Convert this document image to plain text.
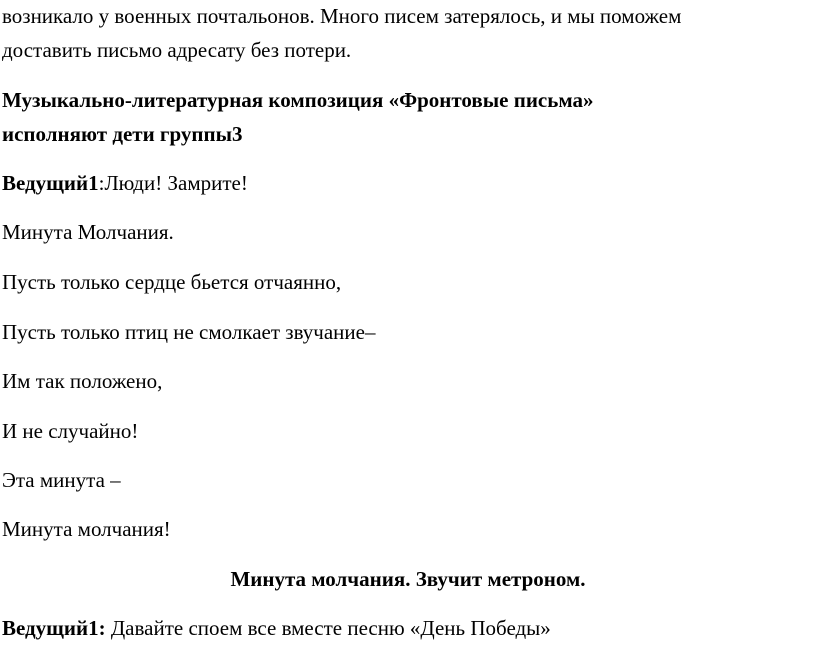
возникало у военных почтальонов. Много писем затерялось, и мы поможем
доставить письмо адресату без потери.
Музыкально-литературная композиция «Фронтовые письма»
исполняют дети группы3
Ведущий1:Люди! Замрите!
Минута Молчания.
Пусть только сердце бьется отчаянно,
Пусть только птиц не смолкает звучание–
Им так положено,
И не случайно!
Эта минута –
Минута молчания!
Минута молчания. Звучит метроном.
Ведущий1: Давайте споем все вместе песню «День Победы»
